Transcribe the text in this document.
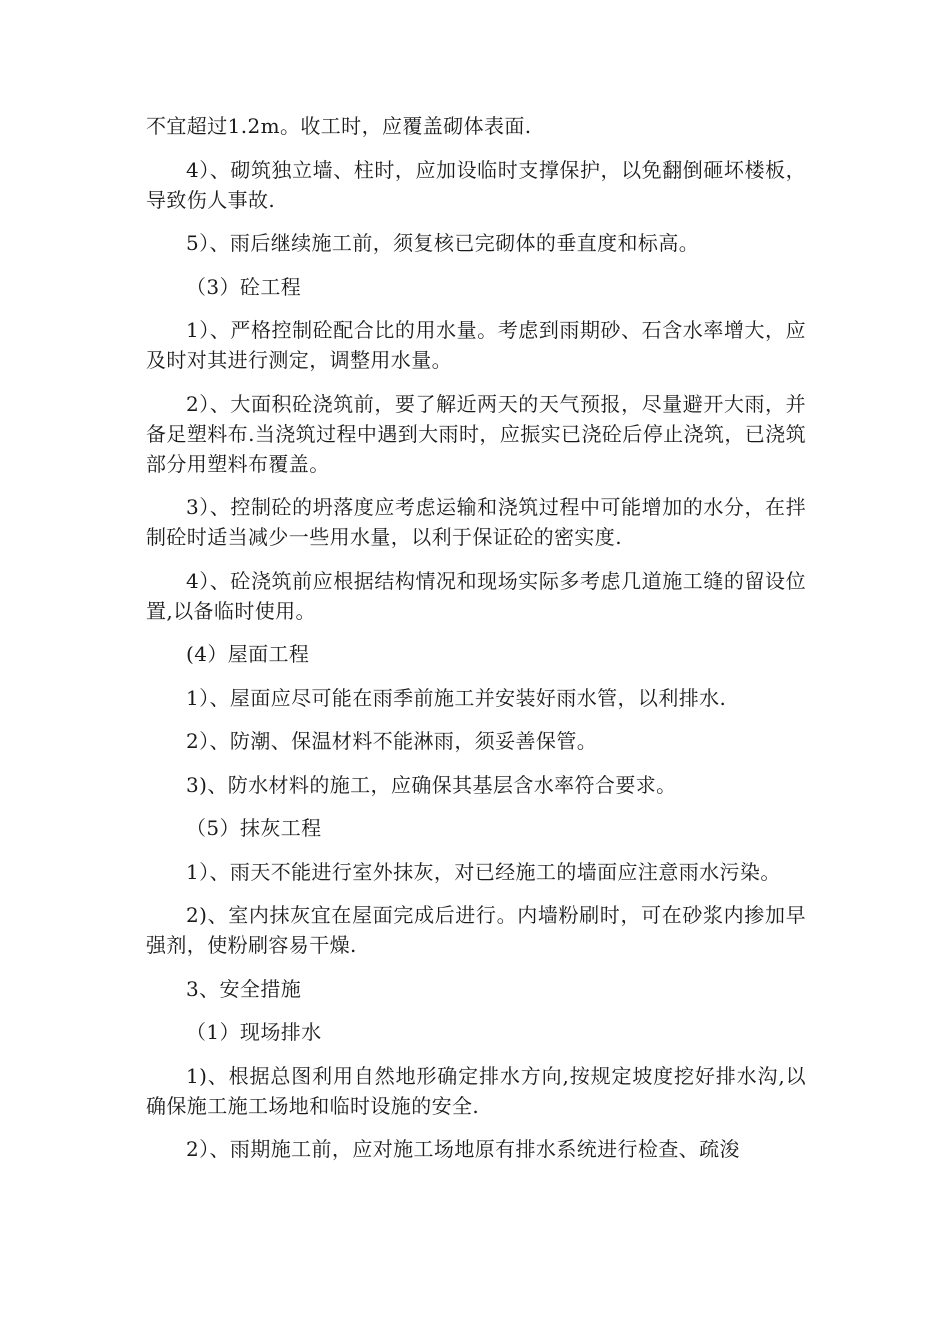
不宜超过1.2m。收工时，应覆盖砌体表面.

4）、砌筑独立墙、柱时，应加设临时支撑保护，以免翻倒砸坏楼板，导致伤人事故.

5）、雨后继续施工前，须复核已完砌体的垂直度和标高。

（3）砼工程

1）、严格控制砼配合比的用水量。考虑到雨期砂、石含水率增大，应及时对其进行测定，调整用水量。

2）、大面积砼浇筑前，要了解近两天的天气预报，尽量避开大雨，并备足塑料布.当浇筑过程中遇到大雨时，应振实已浇砼后停止浇筑，已浇筑部分用塑料布覆盖。

3）、控制砼的坍落度应考虑运输和浇筑过程中可能增加的水分，在拌制砼时适当减少一些用水量，以利于保证砼的密实度.

4）、砼浇筑前应根据结构情况和现场实际多考虑几道施工缝的留设位置,以备临时使用。

(4）屋面工程

1）、屋面应尽可能在雨季前施工并安装好雨水管，以利排水.

2）、防潮、保温材料不能淋雨，须妥善保管。

3)、防水材料的施工，应确保其基层含水率符合要求。

（5）抹灰工程

1）、雨天不能进行室外抹灰，对已经施工的墙面应注意雨水污染。

2)、室内抹灰宜在屋面完成后进行。内墙粉刷时，可在砂浆内掺加早强剂，使粉刷容易干燥.

3、安全措施

（1）现场排水

1)、根据总图利用自然地形确定排水方向,按规定坡度挖好排水沟,以确保施工施工场地和临时设施的安全.

2）、雨期施工前，应对施工场地原有排水系统进行检查、疏浚
